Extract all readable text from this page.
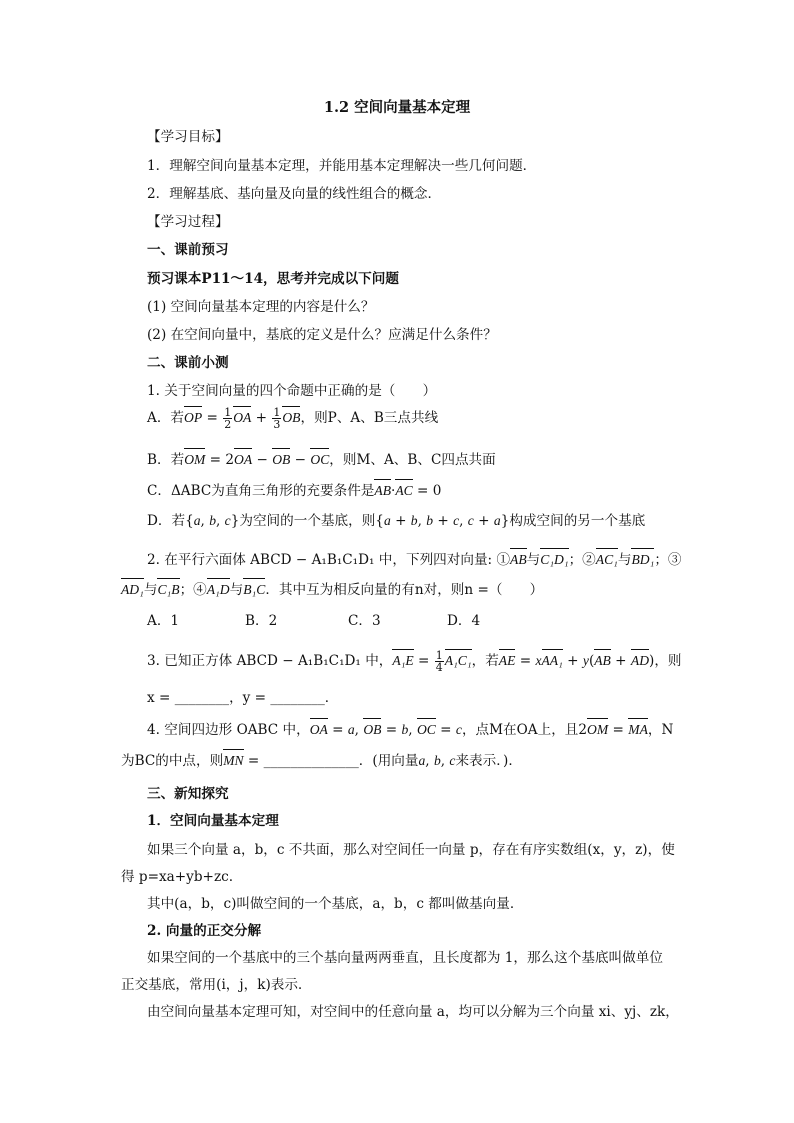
1.2 空间向量基本定理
【学习目标】
1．理解空间向量基本定理，并能用基本定理解决一些几何问题．
2．理解基底、基向量及向量的线性组合的概念．
【学习过程】
一、课前预习
预习课本P11～14，思考并完成以下问题
(1) 空间向量基本定理的内容是什么？
(2) 在空间向量中，基底的定义是什么？应满足什么条件？
二、课前小测
1. 关于空间向量的四个命题中正确的是（　　）
A．若OP = $\frac{1}{2}$ OA + $\frac{1}{3}$ OB，则P、A、B三点共线
B．若OM = 2OA − OB − OC，则M、A、B、C四点共面
C．ΔABC为直角三角形的充要条件是AB·AC = 0
D．若{a, b, c}为空间的一个基底，则{a + b, b + c, c + a}构成空间的另一个基底
2. 在平行六面体 ABCD − A₁B₁C₁D₁ 中，下列四对向量: ①AB与C₁D₁；②AC₁与BD₁；③
AD₁与C₁B；④A₁D与B₁C．其中互为相反向量的有n对，则n =（　　）
A．1	B．2	C．3	D．4
3. 已知正方体 ABCD − A₁B₁C₁D₁ 中，$A_1E = \frac{1}{4} A_1C_1$，若AE = xAA₁ + y(AB + AD)，则
x = ________，y = ________．
4. 空间四边形 OABC 中，OA = a, OB = b, OC = c，点M在OA上，且2OM = MA，N
为BC的中点，则MN = ______________．(用向量a, b, c来表示．)．
三、新知探究
1．空间向量基本定理
如果三个向量 a，b，c 不共面，那么对空间任一向量 p，存在有序实数组(x，y，z)，使
得 p=xa+yb+zc.
其中(a，b，c)叫做空间的一个基底，a，b，c 都叫做基向量．
2. 向量的正交分解
如果空间的一个基底中的三个基向量两两垂直，且长度都为 1，那么这个基底叫做单位
正交基底，常用(i，j，k)表示.
由空间向量基本定理可知，对空间中的任意向量 a，均可以分解为三个向量 xi、yj、zk，
